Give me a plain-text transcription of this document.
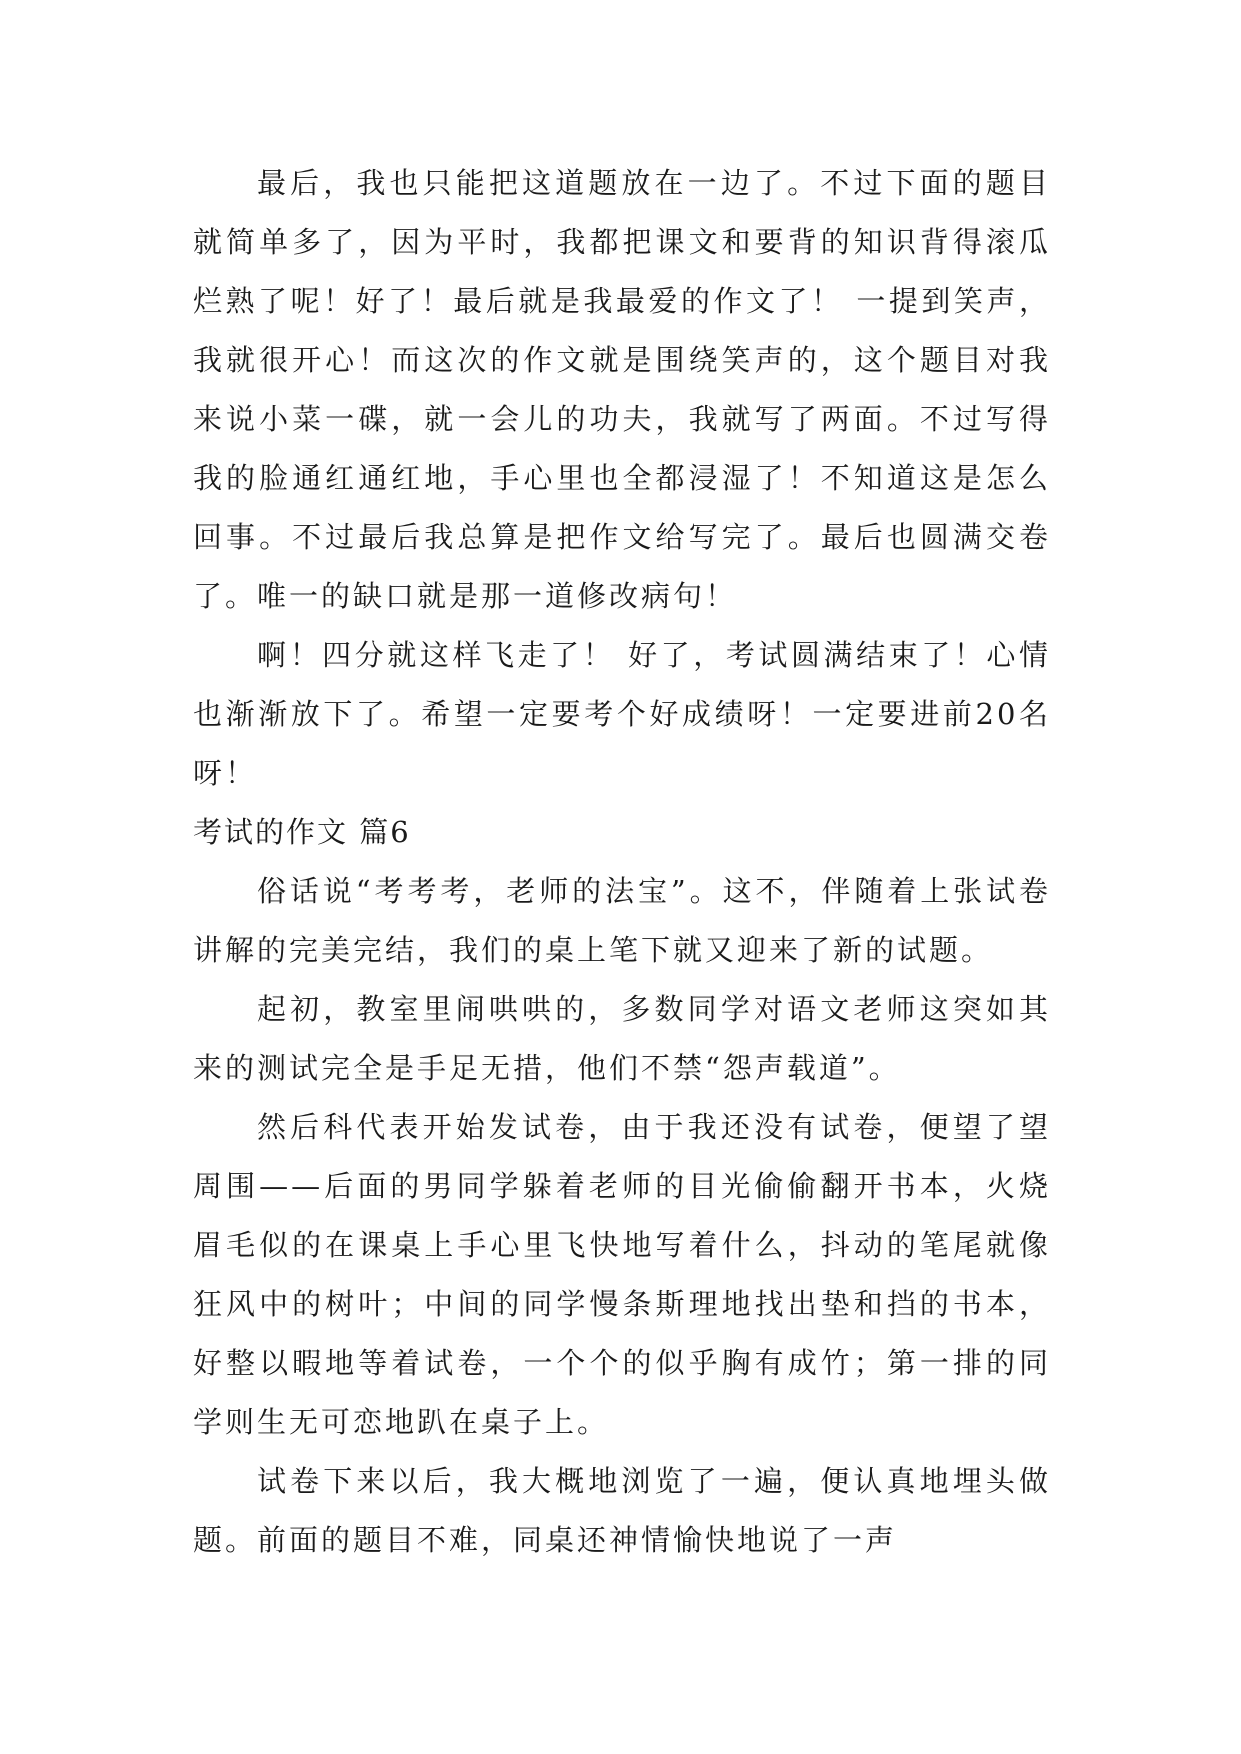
最后，我也只能把这道题放在一边了。不过下面的题目就简单多了，因为平时，我都把课文和要背的知识背得滚瓜烂熟了呢！好了！最后就是我最爱的作文了！ 一提到笑声，我就很开心！而这次的作文就是围绕笑声的，这个题目对我来说小菜一碟，就一会儿的功夫，我就写了两面。不过写得我的脸通红通红地，手心里也全都浸湿了！不知道这是怎么回事。不过最后我总算是把作文给写完了。最后也圆满交卷了。唯一的缺口就是那一道修改病句！

啊！四分就这样飞走了！ 好了，考试圆满结束了！心情也渐渐放下了。希望一定要考个好成绩呀！一定要进前20名呀！

考试的作文 篇6

俗话说“考考考，老师的法宝”。这不，伴随着上张试卷讲解的完美完结，我们的桌上笔下就又迎来了新的试题。

起初，教室里闹哄哄的，多数同学对语文老师这突如其来的测试完全是手足无措，他们不禁“怨声载道”。

然后科代表开始发试卷，由于我还没有试卷，便望了望周围——后面的男同学躲着老师的目光偷偷翻开书本，火烧眉毛似的在课桌上手心里飞快地写着什么，抖动的笔尾就像狂风中的树叶；中间的同学慢条斯理地找出垫和挡的书本，好整以暇地等着试卷，一个个的似乎胸有成竹；第一排的同学则生无可恋地趴在桌子上。

试卷下来以后，我大概地浏览了一遍，便认真地埋头做题。前面的题目不难，同桌还神情愉快地说了一声
